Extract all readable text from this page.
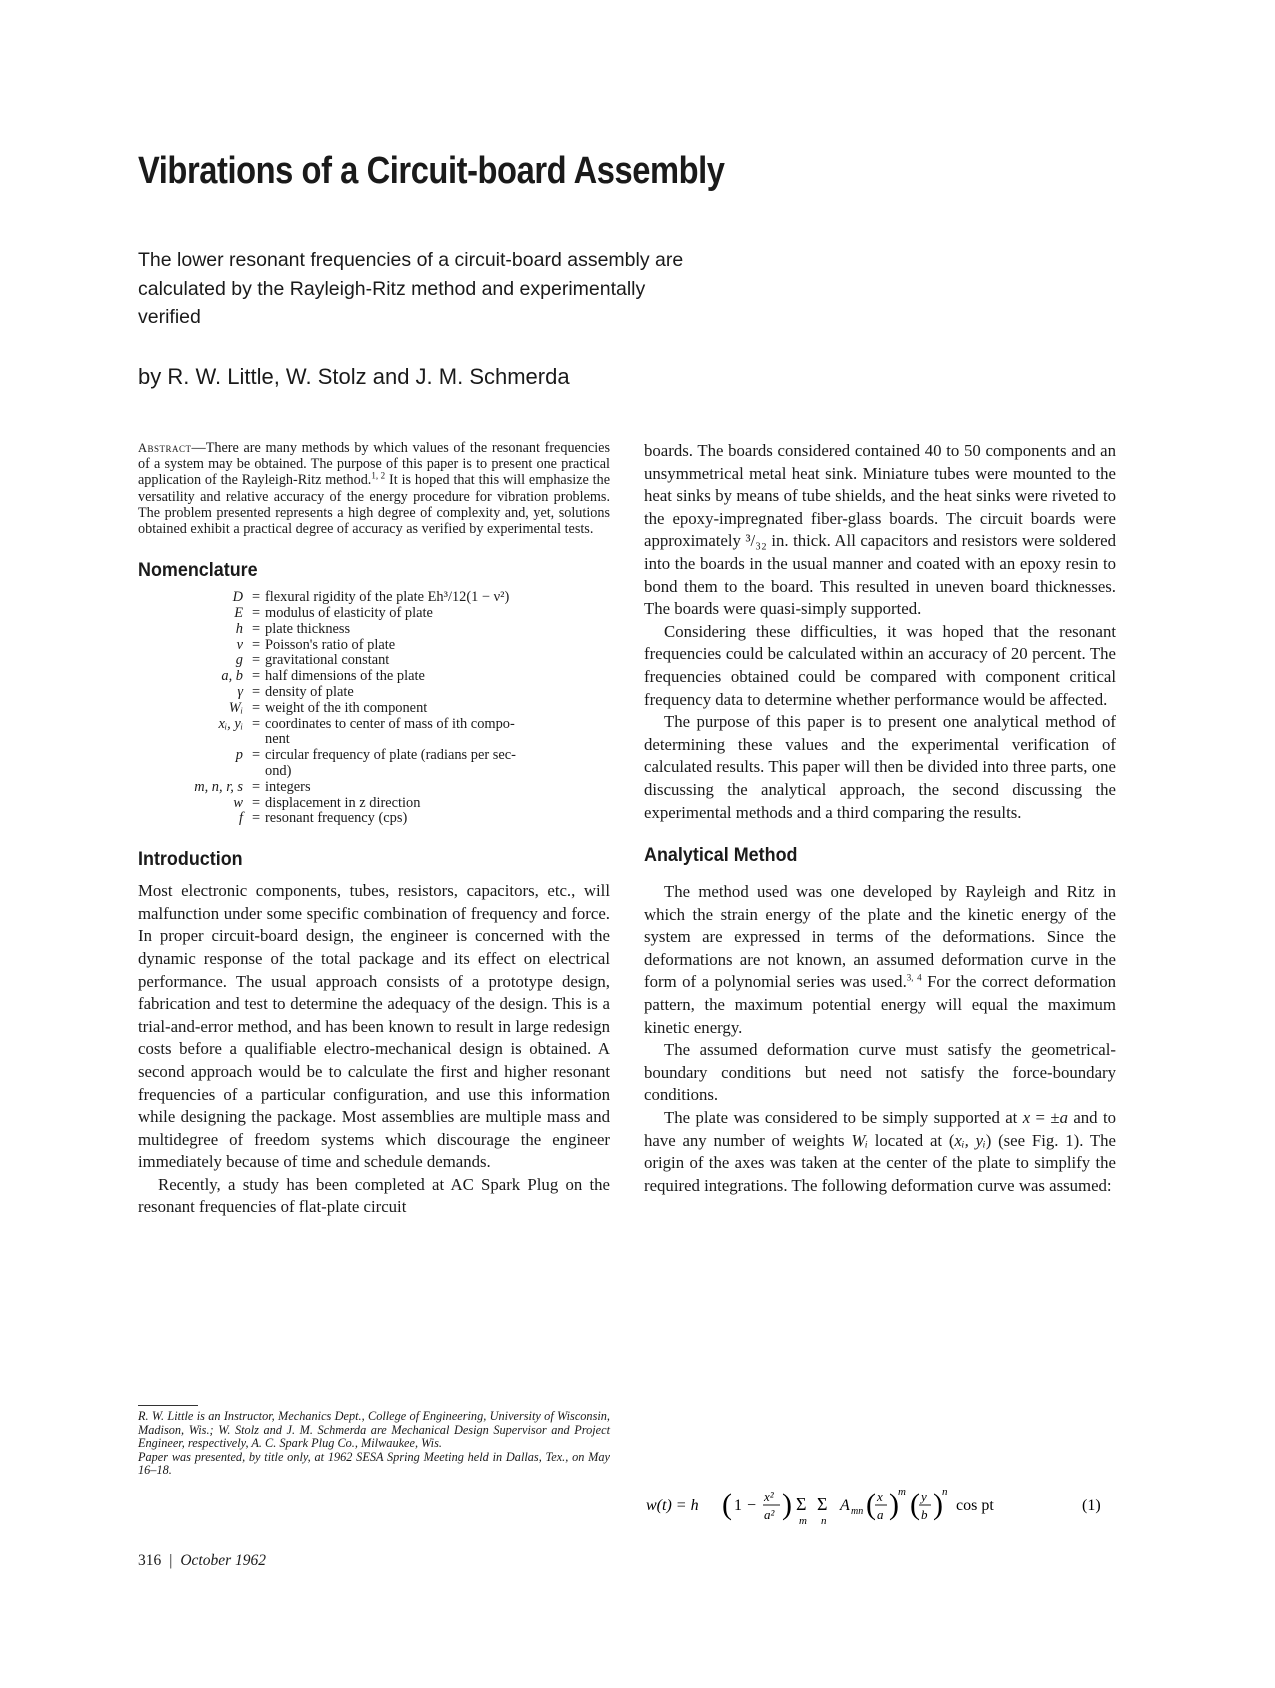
Vibrations of a Circuit-board Assembly

The lower resonant frequencies of a circuit-board assembly are calculated by the Rayleigh-Ritz method and experimentally verified

by R. W. Little, W. Stolz and J. M. Schmerda

Abstract—There are many methods by which values of the resonant frequencies of a system may be obtained. The purpose of this paper is to present one practical application of the Rayleigh-Ritz method.$^{1, 2}$ It is hoped that this will emphasize the versatility and relative accuracy of the energy procedure for vibration problems. The problem presented represents a high degree of complexity and, yet, solutions obtained exhibit a practical degree of accuracy as verified by experimental tests.

Nomenclature
D = flexural rigidity of the plate Eh³/12(1 − ν²)
E = modulus of elasticity of plate
h = plate thickness
ν = Poisson's ratio of plate
g = gravitational constant
a, b = half dimensions of the plate
γ = density of plate
Wᵢ = weight of the ith component
xᵢ, yᵢ = coordinates to center of mass of ith compo-
nent
p = circular frequency of plate (radians per sec-
ond)
m, n, r, s = integers
w = displacement in z direction
f = resonant frequency (cps)
Introduction

Most electronic components, tubes, resistors, capacitors, etc., will malfunction under some specific combination of frequency and force. In proper circuit-board design, the engineer is concerned with the dynamic response of the total package and its effect on electrical performance. The usual approach consists of a prototype design, fabrication and test to determine the adequacy of the design. This is a trial-and-error method, and has been known to result in large redesign costs before a qualifiable electro-mechanical design is obtained. A second approach would be to calculate the first and higher resonant frequencies of a particular configuration, and use this information while designing the package. Most assemblies are multiple mass and multidegree of freedom systems which discourage the engineer immediately because of time and schedule demands.

Recently, a study has been completed at AC Spark Plug on the resonant frequencies of flat-plate circuit

R. W. Little is an Instructor, Mechanics Dept., College of Engineering, University of Wisconsin, Madison, Wis.; W. Stolz and J. M. Schmerda are Mechanical Design Supervisor and Project Engineer, respectively, A. C. Spark Plug Co., Milwaukee, Wis.

Paper was presented, by title only, at 1962 SESA Spring Meeting held in Dallas, Tex., on May 16–18.

boards. The boards considered contained 40 to 50 components and an unsymmetrical metal heat sink. Miniature tubes were mounted to the heat sinks by means of tube shields, and the heat sinks were riveted to the epoxy-impregnated fiber-glass boards. The circuit boards were approximately ³/₃₂ in. thick. All capacitors and resistors were soldered into the boards in the usual manner and coated with an epoxy resin to bond them to the board. This resulted in uneven board thicknesses. The boards were quasi-simply supported.

Considering these difficulties, it was hoped that the resonant frequencies could be calculated within an accuracy of 20 percent. The frequencies obtained could be compared with component critical frequency data to determine whether performance would be affected.

The purpose of this paper is to present one analytical method of determining these values and the experimental verification of calculated results. This paper will then be divided into three parts, one discussing the analytical approach, the second discussing the experimental methods and a third comparing the results.

Analytical Method

The method used was one developed by Rayleigh and Ritz in which the strain energy of the plate and the kinetic energy of the system are expressed in terms of the deformations. Since the deformations are not known, an assumed deformation curve in the form of a polynomial series was used.$^{3, 4}$ For the correct deformation pattern, the maximum potential energy will equal the maximum kinetic energy.

The assumed deformation curve must satisfy the geometrical-boundary conditions but need not satisfy the force-boundary conditions.

The plate was considered to be simply supported at x = ±a and to have any number of weights Wᵢ located at (xᵢ, yᵢ) (see Fig. 1). The origin of the axes was taken at the center of the plate to simplify the required integrations. The following deformation curve was assumed:

w(t) = h ( 1 −
x²
a² ) Σ
m
Σ
n
A mn ( x
a ) m ( y
b ) n
cos pt	(1)
316 | October 1962
